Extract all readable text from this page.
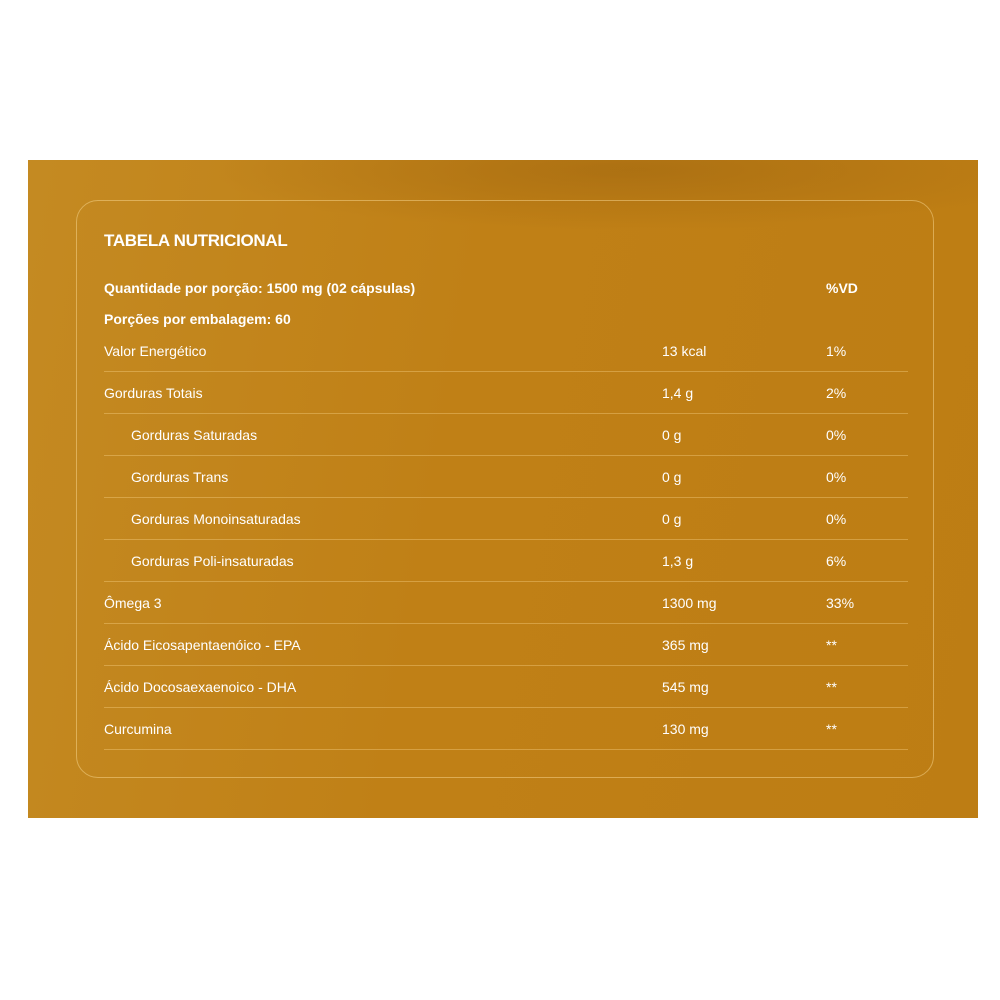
TABELA NUTRICIONAL
Quantidade por porção: 1500 mg (02 cápsulas)
Porções por embalagem: 60
%VD
Valor Energético	13 kcal	1%
Gorduras Totais	1,4 g	2%
Gorduras Saturadas	0 g	0%
Gorduras Trans	0 g	0%
Gorduras Monoinsaturadas	0 g	0%
Gorduras Poli-insaturadas	1,3 g	6%
Ômega 3	1300 mg	33%
Ácido Eicosapentaenóico - EPA	365 mg	**
Ácido Docosaexaenoico - DHA	545 mg	**
Curcumina	130 mg	**
